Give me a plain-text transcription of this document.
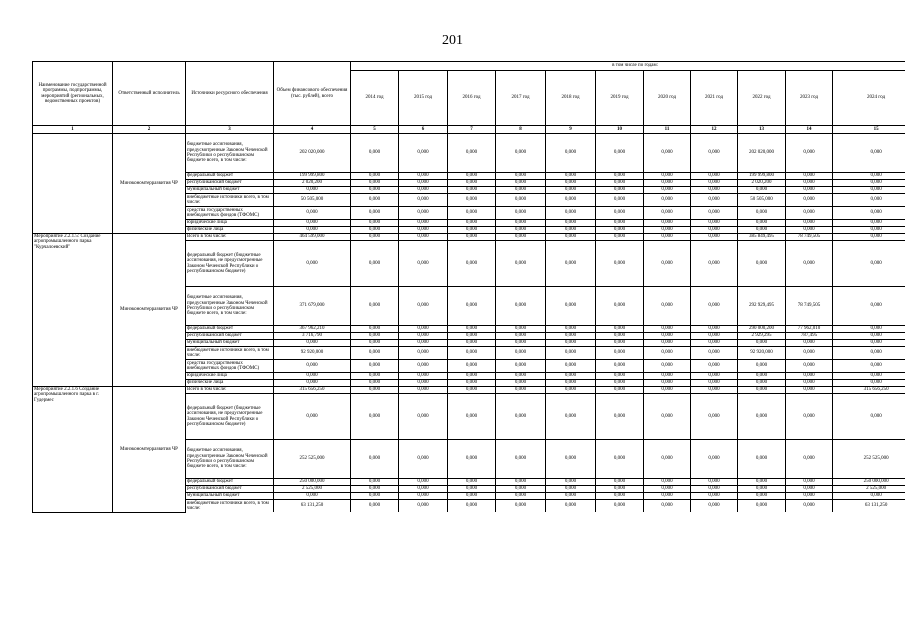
201
Наименование государственной программы, подпрограммы, мероприятий (региональных, ведомственных проектов)	Ответственный исполнитель	Источники ресурсного обеспечения	Объем финансового обеспечения (тыс. рублей), всего	в том числе по годам:										
				2014 год	2015 год	2016 год	2017 год	2018 год	2019 год	2020 год	2021 год	2022 год	2023 год	2024 год
1	2	3	4	5	6	7	8	9	10	11	12	13	14	15
	Минэкономтерразвития ЧР	бюджетные ассигнования, предусмотренные Законом Чеченской Республики о республиканском бюджете всего, в том числе:	202 020,000	0,000	0,000	0,000	0,000	0,000	0,000	0,000	0,000	202 020,000	0,000	0,000
		федеральный бюджет	199 999,800	0,000	0,000	0,000	0,000	0,000	0,000	0,000	0,000	199 999,800	0,000	0,000
		республиканский бюджет	2 020,200	0,000	0,000	0,000	0,000	0,000	0,000	0,000	0,000	2 020,200	0,000	0,000
		муниципальный бюджет	0,000	0,000	0,000	0,000	0,000	0,000	0,000	0,000	0,000	0,000	0,000	0,000
		внебюджетные источники всего, в том числе:	50 505,000	0,000	0,000	0,000	0,000	0,000	0,000	0,000	0,000	50 505,000	0,000	0,000
		средства государственных внебюджетных фондов (ТФОМС)	0,000	0,000	0,000	0,000	0,000	0,000	0,000	0,000	0,000	0,000	0,000	0,000
		юридические лица	0,000	0,000	0,000	0,000	0,000	0,000	0,000	0,000	0,000	0,000	0,000	0,000
		физические лица	0,000	0,000	0,000	0,000	0,000	0,000	0,000	0,000	0,000	0,000	0,000	0,000
Мероприятие 2.2.1.5: Создание агропромышленного парка "Курчалоевский"	Минэкономтерразвития ЧР	Всего в том числе:	464 599,000	0,000	0,000	0,000	0,000	0,000	0,000	0,000	0,000	385 849,495	78 749,505	0,000
		федеральный бюджет (бюджетные ассигнования, не предусмотренные Законом Чеченской Республики о республиканском бюджете)	0,000	0,000	0,000	0,000	0,000	0,000	0,000	0,000	0,000	0,000	0,000	0,000
		бюджетные ассигнования, предусмотренные Законом Чеченской Республики о республиканском бюджете всего, в том числе:	371 679,000	0,000	0,000	0,000	0,000	0,000	0,000	0,000	0,000	292 929,495	78 749,505	0,000
		федеральный бюджет	367 962,210	0,000	0,000	0,000	0,000	0,000	0,000	0,000	0,000	290 000,200	77 962,010	0,000
		республиканский бюджет	3 716,790	0,000	0,000	0,000	0,000	0,000	0,000	0,000	0,000	2 929,295	787,495	0,000
		муниципальный бюджет	0,000	0,000	0,000	0,000	0,000	0,000	0,000	0,000	0,000	0,000	0,000	0,000
		внебюджетные источники всего, в том числе:	92 920,000	0,000	0,000	0,000	0,000	0,000	0,000	0,000	0,000	92 920,000	0,000	0,000
		средства государственных внебюджетных фондов (ТФОМС)	0,000	0,000	0,000	0,000	0,000	0,000	0,000	0,000	0,000	0,000	0,000	0,000
		юридические лица	0,000	0,000	0,000	0,000	0,000	0,000	0,000	0,000	0,000	0,000	0,000	0,000
		физические лица	0,000	0,000	0,000	0,000	0,000	0,000	0,000	0,000	0,000	0,000	0,000	0,000
Мероприятие 2.2.1.6 Создание агропромышленного парка в г. Гудермес	Минэкономтерразвития ЧР	Всего в том числе:	315 656,250	0,000	0,000	0,000	0,000	0,000	0,000	0,000	0,000	0,000	0,000	315 656,250
		федеральный бюджет (бюджетные ассигнования, не предусмотренные Законом Чеченской Республики о республиканском бюджете)	0,000	0,000	0,000	0,000	0,000	0,000	0,000	0,000	0,000	0,000	0,000	0,000
		бюджетные ассигнования, предусмотренные Законом Чеченской Республики о республиканском бюджете всего, в том числе:	252 525,000	0,000	0,000	0,000	0,000	0,000	0,000	0,000	0,000	0,000	0,000	252 525,000
		федеральный бюджет	250 000,000	0,000	0,000	0,000	0,000	0,000	0,000	0,000	0,000	0,000	0,000	250 000,000
		республиканский бюджет	2 525,000	0,000	0,000	0,000	0,000	0,000	0,000	0,000	0,000	0,000	0,000	2 525,000
		муниципальный бюджет	0,000	0,000	0,000	0,000	0,000	0,000	0,000	0,000	0,000	0,000	0,000	0,000
		внебюджетные источники всего, в том числе:	63 131,250	0,000	0,000	0,000	0,000	0,000	0,000	0,000	0,000	0,000	0,000	63 131,250
